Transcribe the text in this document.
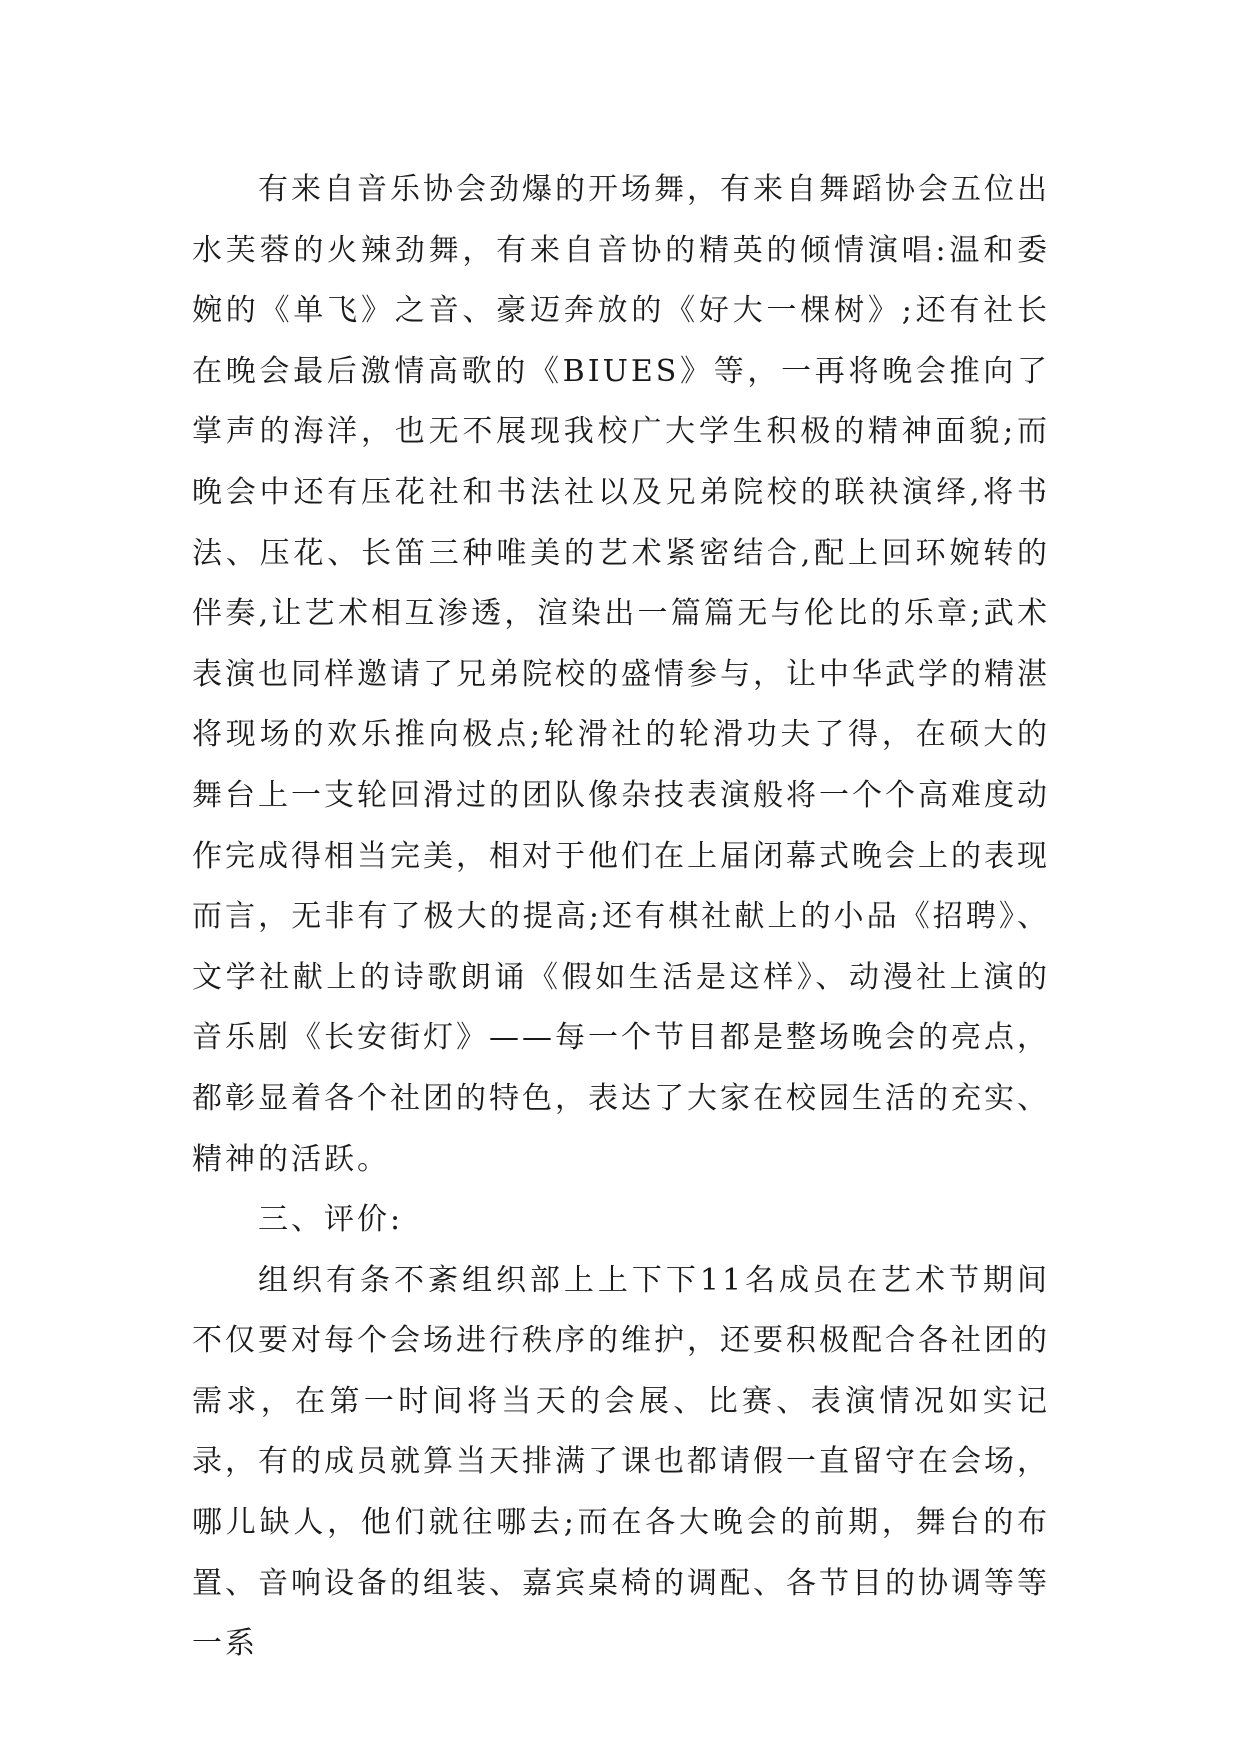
有来自音乐协会劲爆的开场舞，有来自舞蹈协会五位出水芙蓉的火辣劲舞，有来自音协的精英的倾情演唱:温和委婉的《单飞》之音、豪迈奔放的《好大一棵树》;还有社长在晚会最后激情高歌的《BIUES》等，一再将晚会推向了掌声的海洋，也无不展现我校广大学生积极的精神面貌;而晚会中还有压花社和书法社以及兄弟院校的联袂演绎,将书法、压花、长笛三种唯美的艺术紧密结合,配上回环婉转的伴奏,让艺术相互渗透，渲染出一篇篇无与伦比的乐章;武术表演也同样邀请了兄弟院校的盛情参与，让中华武学的精湛将现场的欢乐推向极点;轮滑社的轮滑功夫了得，在硕大的舞台上一支轮回滑过的团队像杂技表演般将一个个高难度动作完成得相当完美，相对于他们在上届闭幕式晚会上的表现而言，无非有了极大的提高;还有棋社献上的小品《招聘》、文学社献上的诗歌朗诵《假如生活是这样》、动漫社上演的音乐剧《长安街灯》——每一个节目都是整场晚会的亮点，都彰显着各个社团的特色，表达了大家在校园生活的充实、精神的活跃。

三、评价:

组织有条不紊组织部上上下下11名成员在艺术节期间不仅要对每个会场进行秩序的维护，还要积极配合各社团的需求，在第一时间将当天的会展、比赛、表演情况如实记录，有的成员就算当天排满了课也都请假一直留守在会场，哪儿缺人，他们就往哪去;而在各大晚会的前期，舞台的布置、音响设备的组装、嘉宾桌椅的调配、各节目的协调等等一系
